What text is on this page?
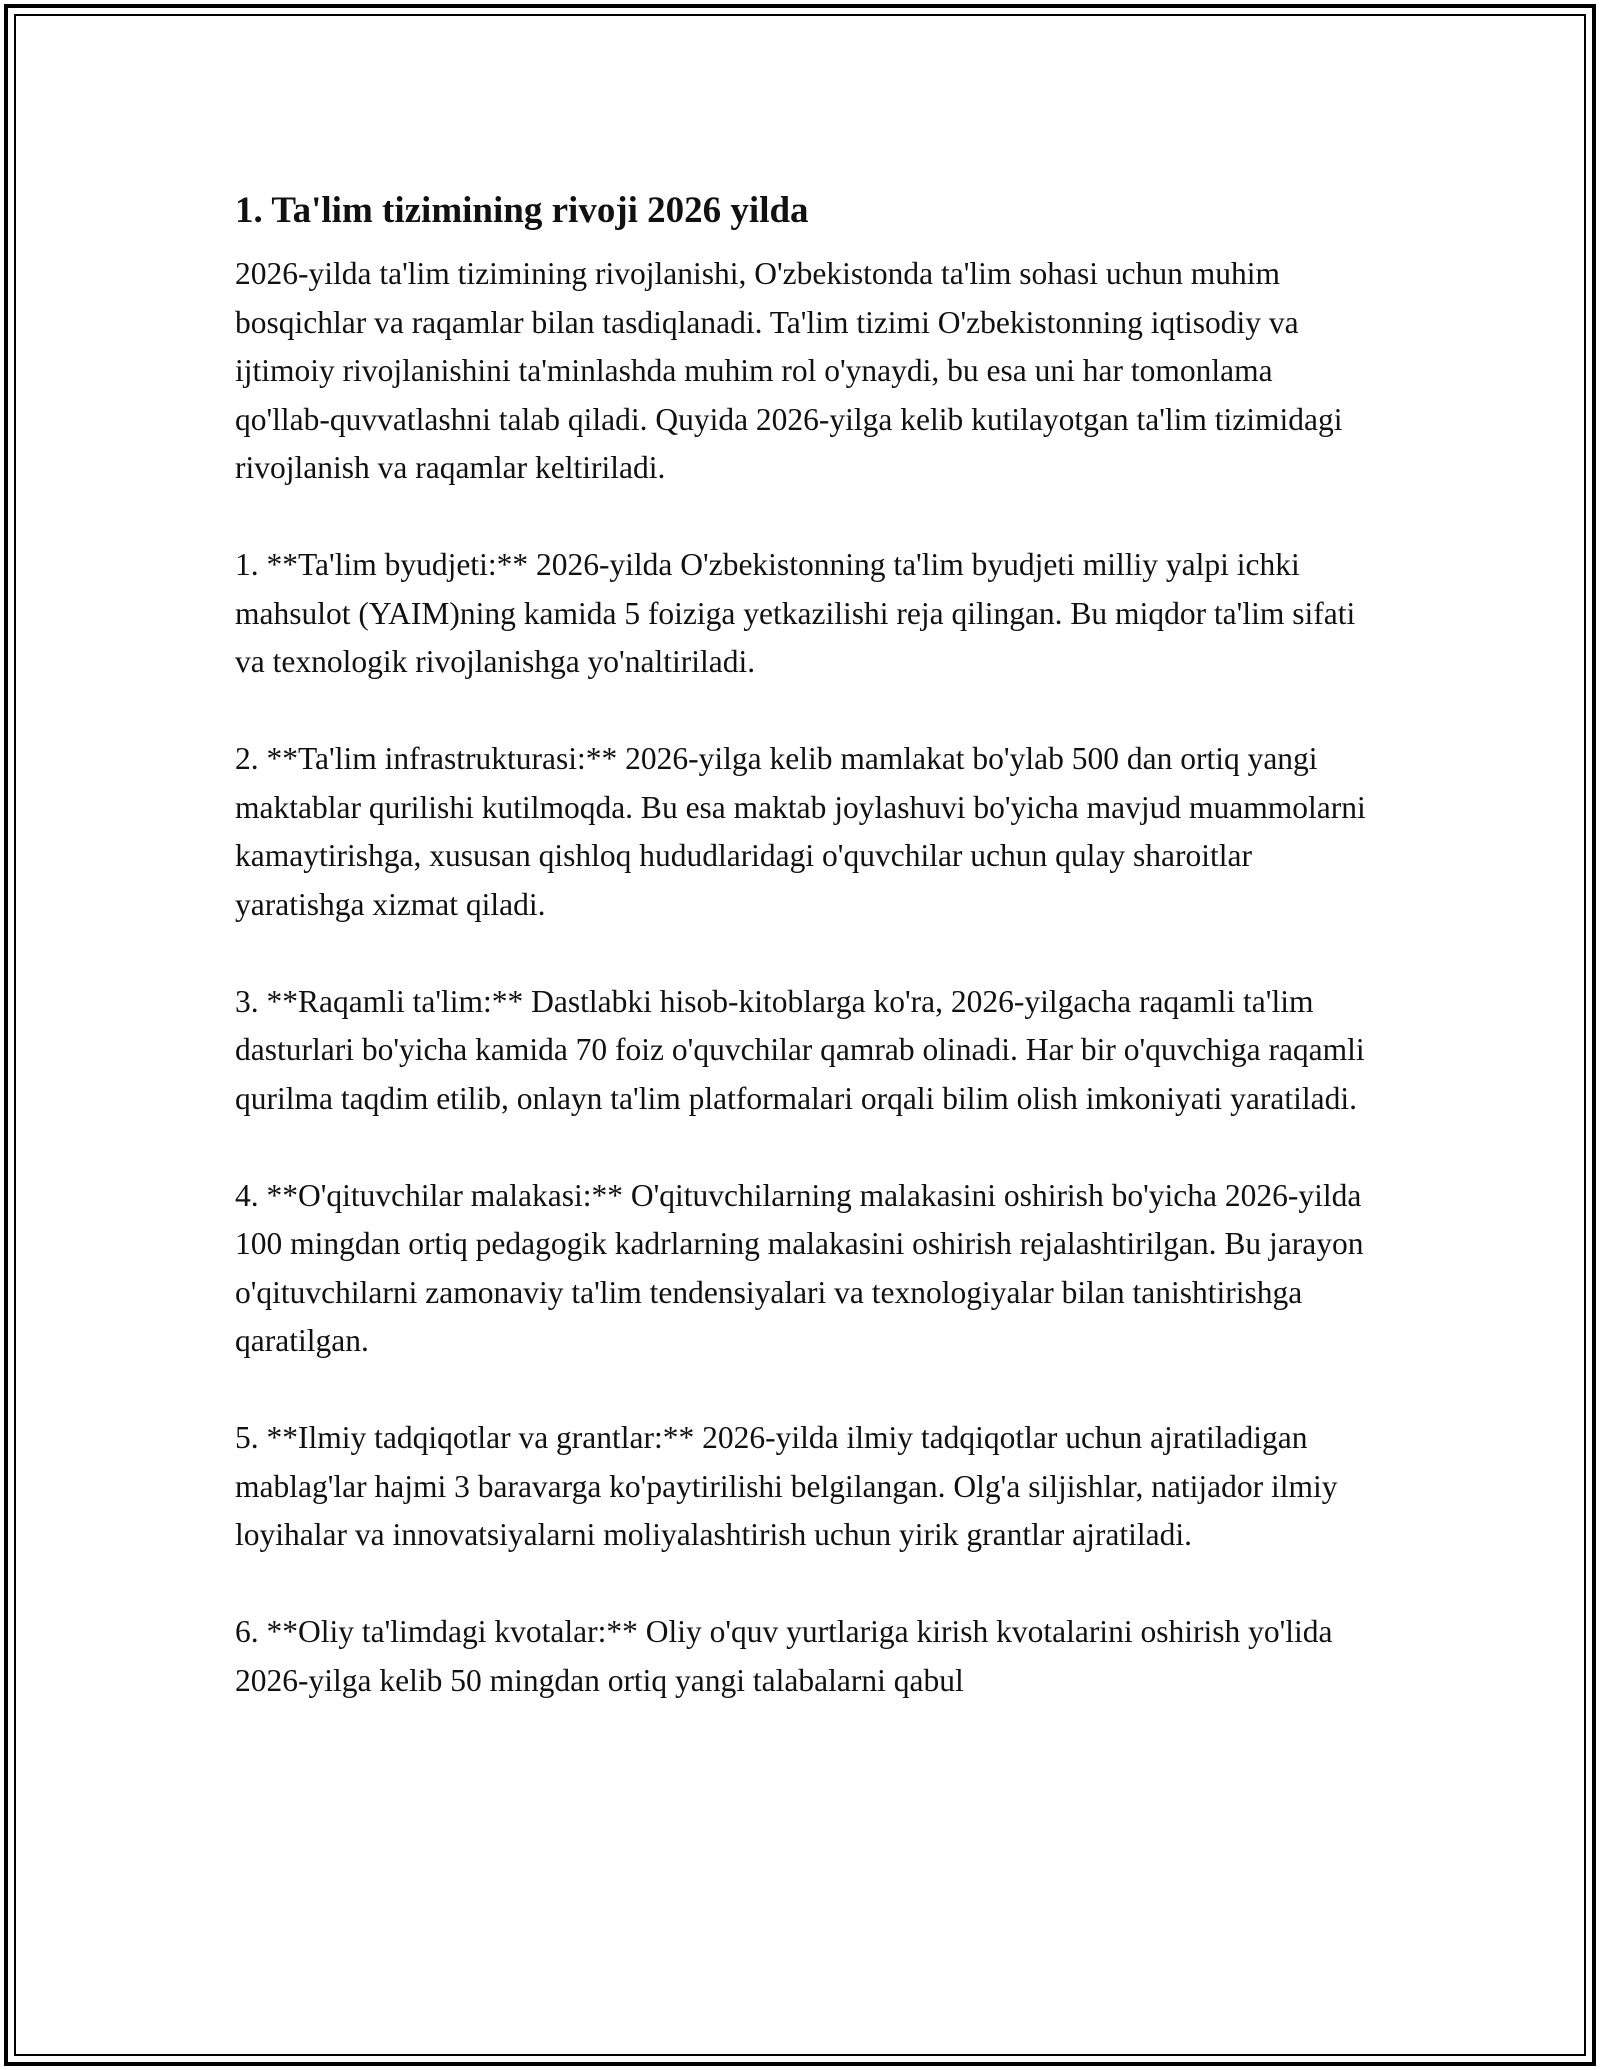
1. Ta'lim tizimining rivoji 2026 yilda

2026-yilda ta'lim tizimining rivojlanishi, O'zbekistonda ta'lim sohasi uchun muhim bosqichlar va raqamlar bilan tasdiqlanadi. Ta'lim tizimi O'zbekistonning iqtisodiy va ijtimoiy rivojlanishini ta'minlashda muhim rol o'ynaydi, bu esa uni har tomonlama qo'llab-quvvatlashni talab qiladi. Quyida 2026-yilga kelib kutilayotgan ta'lim tizimidagi rivojlanish va raqamlar keltiriladi.

1. **Ta'lim byudjeti:** 2026-yilda O'zbekistonning ta'lim byudjeti milliy yalpi ichki mahsulot (YAIM)ning kamida 5 foiziga yetkazilishi reja qilingan. Bu miqdor ta'lim sifati va texnologik rivojlanishga yo'naltiriladi.

2. **Ta'lim infrastrukturasi:** 2026-yilga kelib mamlakat bo'ylab 500 dan ortiq yangi maktablar qurilishi kutilmoqda. Bu esa maktab joylashuvi bo'yicha mavjud muammolarni kamaytirishga, xususan qishloq hududlaridagi o'quvchilar uchun qulay sharoitlar yaratishga xizmat qiladi.

3. **Raqamli ta'lim:** Dastlabki hisob-kitoblarga ko'ra, 2026-yilgacha raqamli ta'lim dasturlari bo'yicha kamida 70 foiz o'quvchilar qamrab olinadi. Har bir o'quvchiga raqamli qurilma taqdim etilib, onlayn ta'lim platformalari orqali bilim olish imkoniyati yaratiladi.

4. **O'qituvchilar malakasi:** O'qituvchilarning malakasini oshirish bo'yicha 2026-yilda 100 mingdan ortiq pedagogik kadrlarning malakasini oshirish rejalashtirilgan. Bu jarayon o'qituvchilarni zamonaviy ta'lim tendensiyalari va texnologiyalar bilan tanishtirishga qaratilgan.

5. **Ilmiy tadqiqotlar va grantlar:** 2026-yilda ilmiy tadqiqotlar uchun ajratiladigan mablag'lar hajmi 3 baravarga ko'paytirilishi belgilangan. Olg'a siljishlar, natijador ilmiy loyihalar va innovatsiyalarni moliyalashtirish uchun yirik grantlar ajratiladi.

6. **Oliy ta'limdagi kvotalar:** Oliy o'quv yurtlariga kirish kvotalarini oshirish yo'lida 2026-yilga kelib 50 mingdan ortiq yangi talabalarni qabul
